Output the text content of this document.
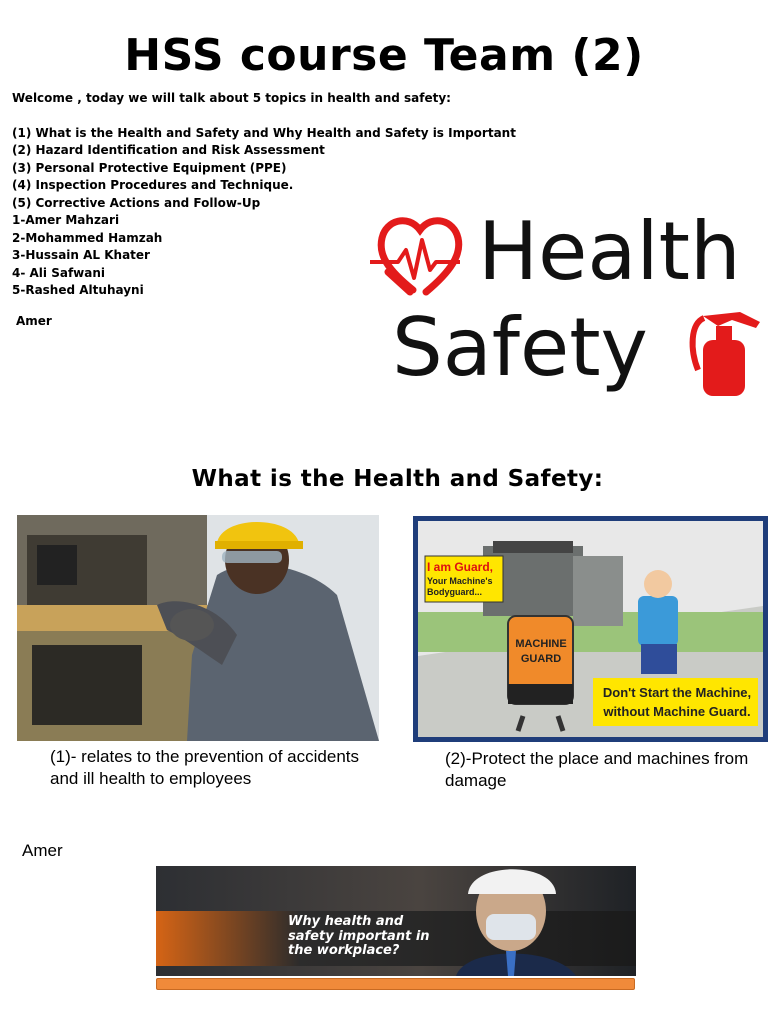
HSS course Team (2)
Welcome , today we will talk about 5 topics in health and safety:
(1) What is the Health and Safety and Why Health and Safety is Important
(2) Hazard Identification and Risk Assessment
(3) Personal Protective Equipment (PPE)
(4) Inspection Procedures and Technique.
(5) Corrective Actions and Follow-Up
1-Amer Mahzari
2-Mohammed Hamzah
3-Hussain AL Khater
4- Ali Safwani
5-Rashed Altuhayni
Amer
Health
Safety
What is the Health and Safety:
I am Guard,
Your Machine's
Bodyguard...
MACHINE
GUARD
Don't Start the Machine,
without Machine Guard.
(1)- relates to the prevention of accidents and ill health to employees
(2)-Protect the place and machines from damage
Amer
Why health and
safety important in
the workplace?
